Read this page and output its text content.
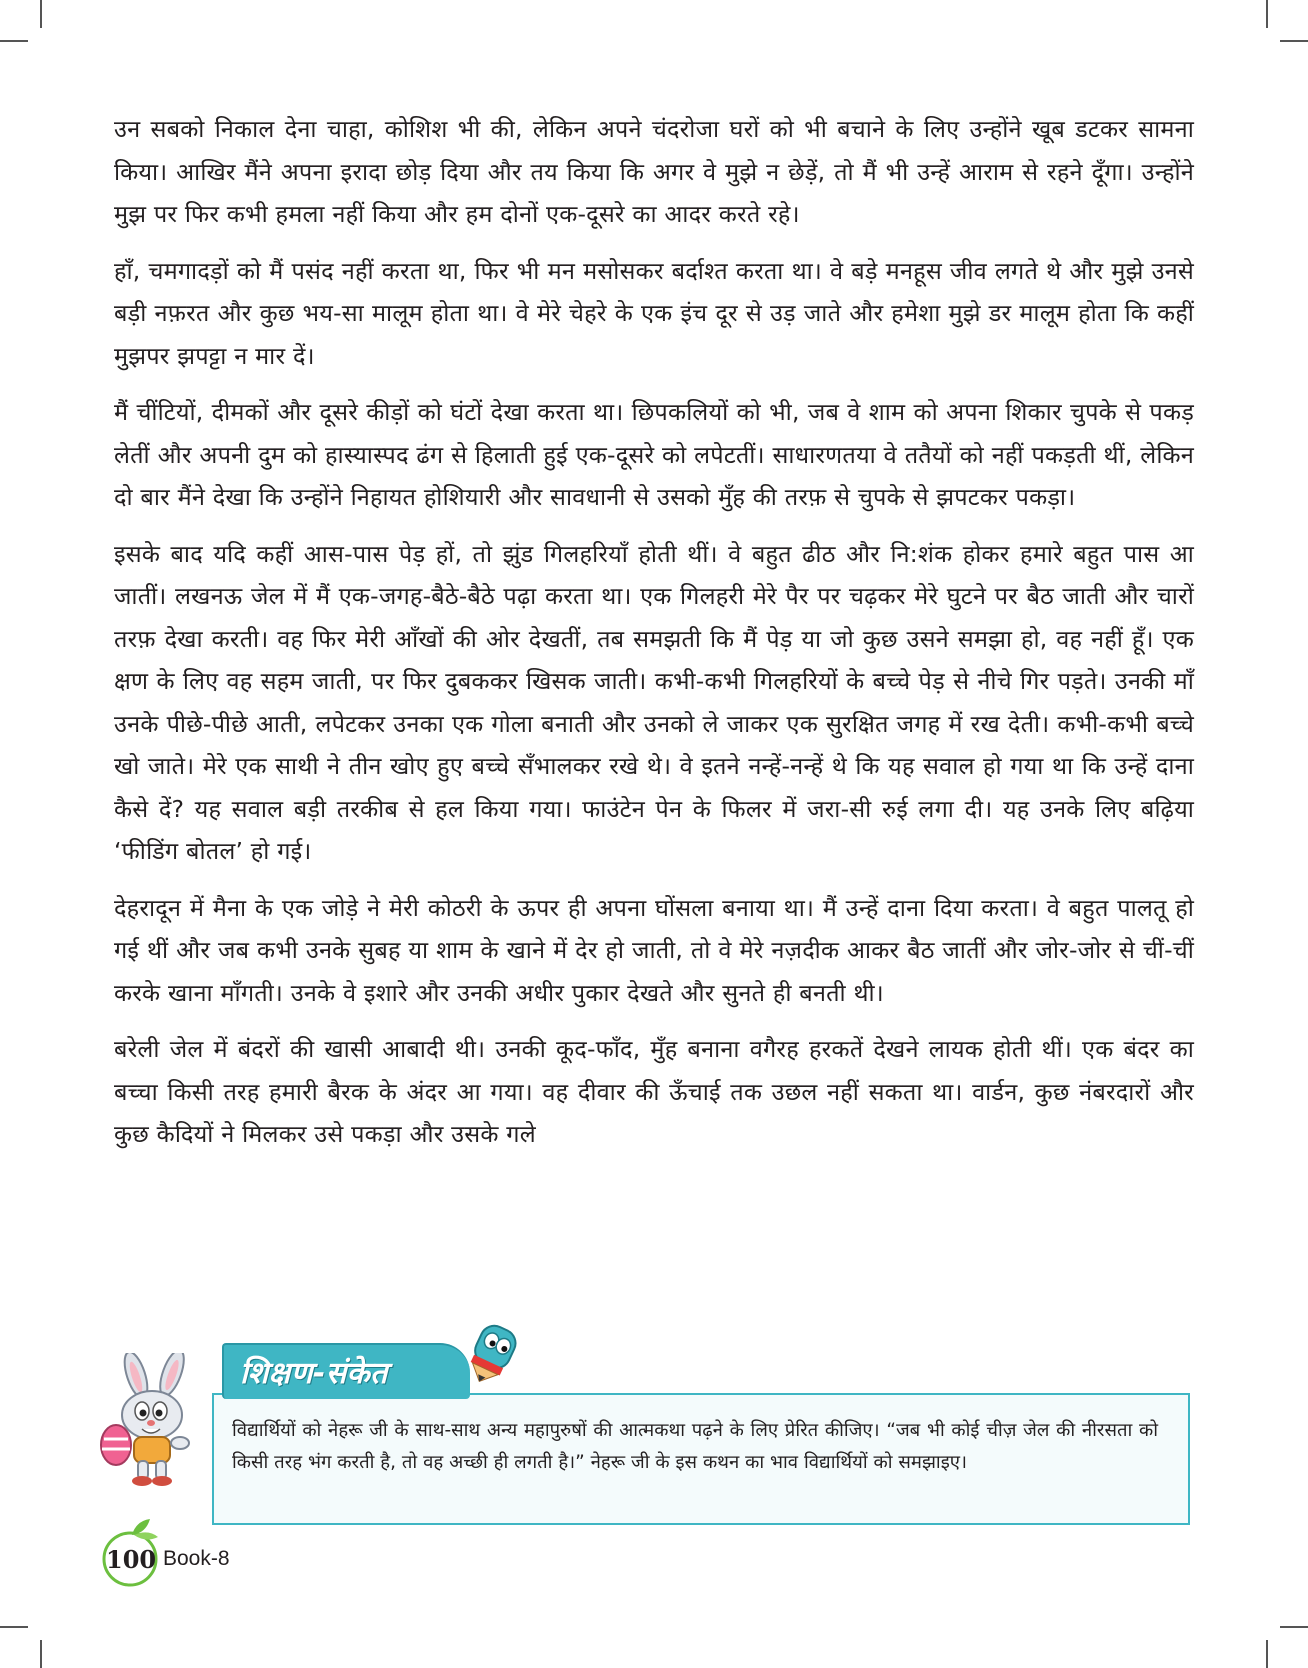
उन सबको निकाल देना चाहा, कोशिश भी की, लेकिन अपने चंदरोजा घरों को भी बचाने के लिए उन्होंने खूब डटकर सामना किया। आखिर मैंने अपना इरादा छोड़ दिया और तय किया कि अगर वे मुझे न छेड़ें, तो मैं भी उन्हें आराम से रहने दूँगा। उन्होंने मुझ पर फिर कभी हमला नहीं किया और हम दोनों एक-दूसरे का आदर करते रहे।

हाँ, चमगादड़ों को मैं पसंद नहीं करता था, फिर भी मन मसोसकर बर्दाश्त करता था। वे बड़े मनहूस जीव लगते थे और मुझे उनसे बड़ी नफ़रत और कुछ भय-सा मालूम होता था। वे मेरे चेहरे के एक इंच दूर से उड़ जाते और हमेशा मुझे डर मालूम होता कि कहीं मुझपर झपट्टा न मार दें।

मैं चींटियों, दीमकों और दूसरे कीड़ों को घंटों देखा करता था। छिपकलियों को भी, जब वे शाम को अपना शिकार चुपके से पकड़ लेतीं और अपनी दुम को हास्यास्पद ढंग से हिलाती हुई एक-दूसरे को लपेटतीं। साधारणतया वे ततैयों को नहीं पकड़ती थीं, लेकिन दो बार मैंने देखा कि उन्होंने निहायत होशियारी और सावधानी से उसको मुँह की तरफ़ से चुपके से झपटकर पकड़ा।

इसके बाद यदि कहीं आस-पास पेड़ हों, तो झुंड गिलहरियाँ होती थीं। वे बहुत ढीठ और नि:शंक होकर हमारे बहुत पास आ जातीं। लखनऊ जेल में मैं एक-जगह-बैठे-बैठे पढ़ा करता था। एक गिलहरी मेरे पैर पर चढ़कर मेरे घुटने पर बैठ जाती और चारों तरफ़ देखा करती। वह फिर मेरी आँखों की ओर देखतीं, तब समझती कि मैं पेड़ या जो कुछ उसने समझा हो, वह नहीं हूँ। एक क्षण के लिए वह सहम जाती, पर फिर दुबककर खिसक जाती। कभी-कभी गिलहरियों के बच्चे पेड़ से नीचे गिर पड़ते। उनकी माँ उनके पीछे-पीछे आती, लपेटकर उनका एक गोला बनाती और उनको ले जाकर एक सुरक्षित जगह में रख देती। कभी-कभी बच्चे खो जाते। मेरे एक साथी ने तीन खोए हुए बच्चे सँभालकर रखे थे। वे इतने नन्हें-नन्हें थे कि यह सवाल हो गया था कि उन्हें दाना कैसे दें? यह सवाल बड़ी तरकीब से हल किया गया। फाउंटेन पेन के फिलर में जरा-सी रुई लगा दी। यह उनके लिए बढ़िया ‘फीडिंग बोतल’ हो गई।

देहरादून में मैना के एक जोड़े ने मेरी कोठरी के ऊपर ही अपना घोंसला बनाया था। मैं उन्हें दाना दिया करता। वे बहुत पालतू हो गई थीं और जब कभी उनके सुबह या शाम के खाने में देर हो जाती, तो वे मेरे नज़दीक आकर बैठ जातीं और जोर-जोर से चीं-चीं करके खाना माँगती। उनके वे इशारे और उनकी अधीर पुकार देखते और सुनते ही बनती थी।

बरेली जेल में बंदरों की खासी आबादी थी। उनकी कूद-फाँद, मुँह बनाना वगैरह हरकतें देखने लायक होती थीं। एक बंदर का बच्चा किसी तरह हमारी बैरक के अंदर आ गया। वह दीवार की ऊँचाई तक उछल नहीं सकता था। वार्डन, कुछ नंबरदारों और कुछ कैदियों ने मिलकर उसे पकड़ा और उसके गले

विद्यार्थियों को नेहरू जी के साथ-साथ अन्य महापुरुषों की आत्मकथा पढ़ने के लिए प्रेरित कीजिए। “जब भी कोई चीज़ जेल की नीरसता को किसी तरह भंग करती है, तो वह अच्छी ही लगती है।” नेहरू जी के इस कथन का भाव विद्यार्थियों को समझाइए।
शिक्षण-संकेत
100 Book-8
